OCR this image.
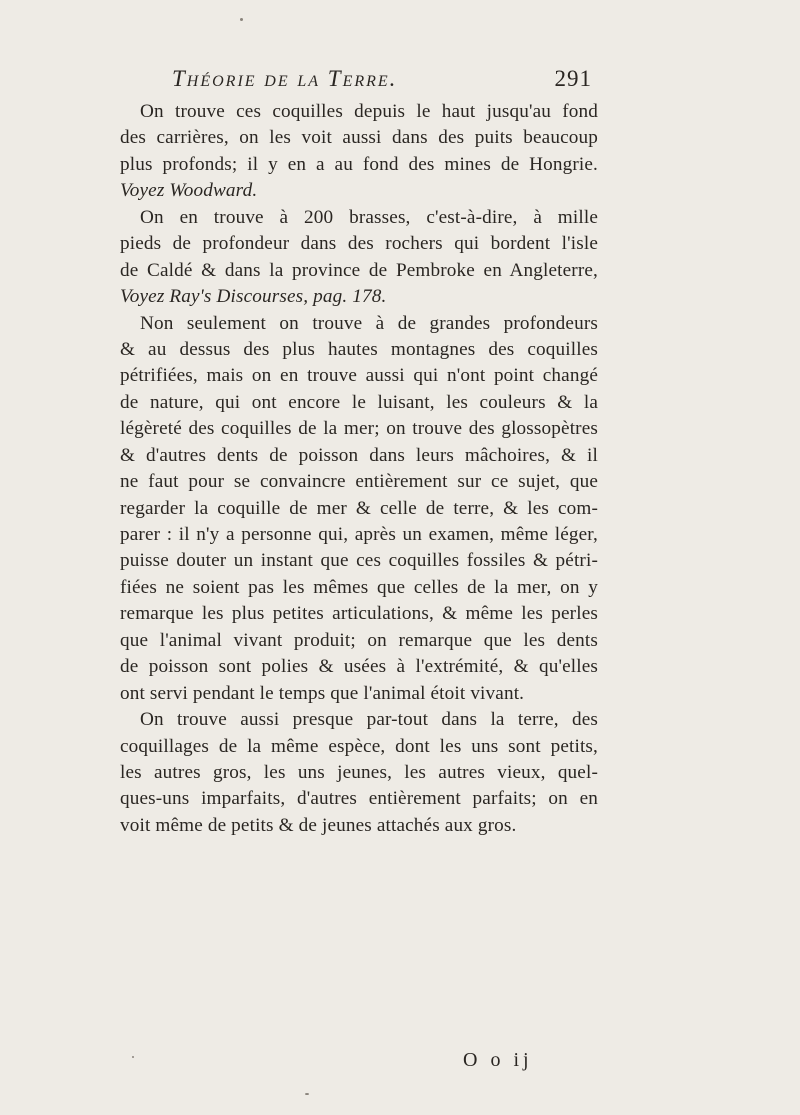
Théorie de la Terre.	291
On trouve ces coquilles depuis le haut jusqu'au fond
des carrières, on les voit aussi dans des puits beaucoup
plus profonds; il y en a au fond des mines de Hongrie.
Voyez Woodward.
On en trouve à 200 brasses, c'est-à-dire, à mille
pieds de profondeur dans des rochers qui bordent l'isle
de Caldé & dans la province de Pembroke en Angleterre,
Voyez Ray's Discourses, pag. 178.
Non seulement on trouve à de grandes profondeurs
& au dessus des plus hautes montagnes des coquilles
pétrifiées, mais on en trouve aussi qui n'ont point changé
de nature, qui ont encore le luisant, les couleurs & la
légèreté des coquilles de la mer; on trouve des glossopètres
& d'autres dents de poisson dans leurs mâchoires, & il
ne faut pour se convaincre entièrement sur ce sujet, que
regarder la coquille de mer & celle de terre, & les com-
parer : il n'y a personne qui, après un examen, même léger,
puisse douter un instant que ces coquilles fossiles & pétri-
fiées ne soient pas les mêmes que celles de la mer, on y
remarque les plus petites articulations, & même les perles
que l'animal vivant produit; on remarque que les dents
de poisson sont polies & usées à l'extrémité, & qu'elles
ont servi pendant le temps que l'animal étoit vivant.
On trouve aussi presque par-tout dans la terre, des
coquillages de la même espèce, dont les uns sont petits,
les autres gros, les uns jeunes, les autres vieux, quel-
ques-uns imparfaits, d'autres entièrement parfaits; on en
voit même de petits & de jeunes attachés aux gros.
O o ij
